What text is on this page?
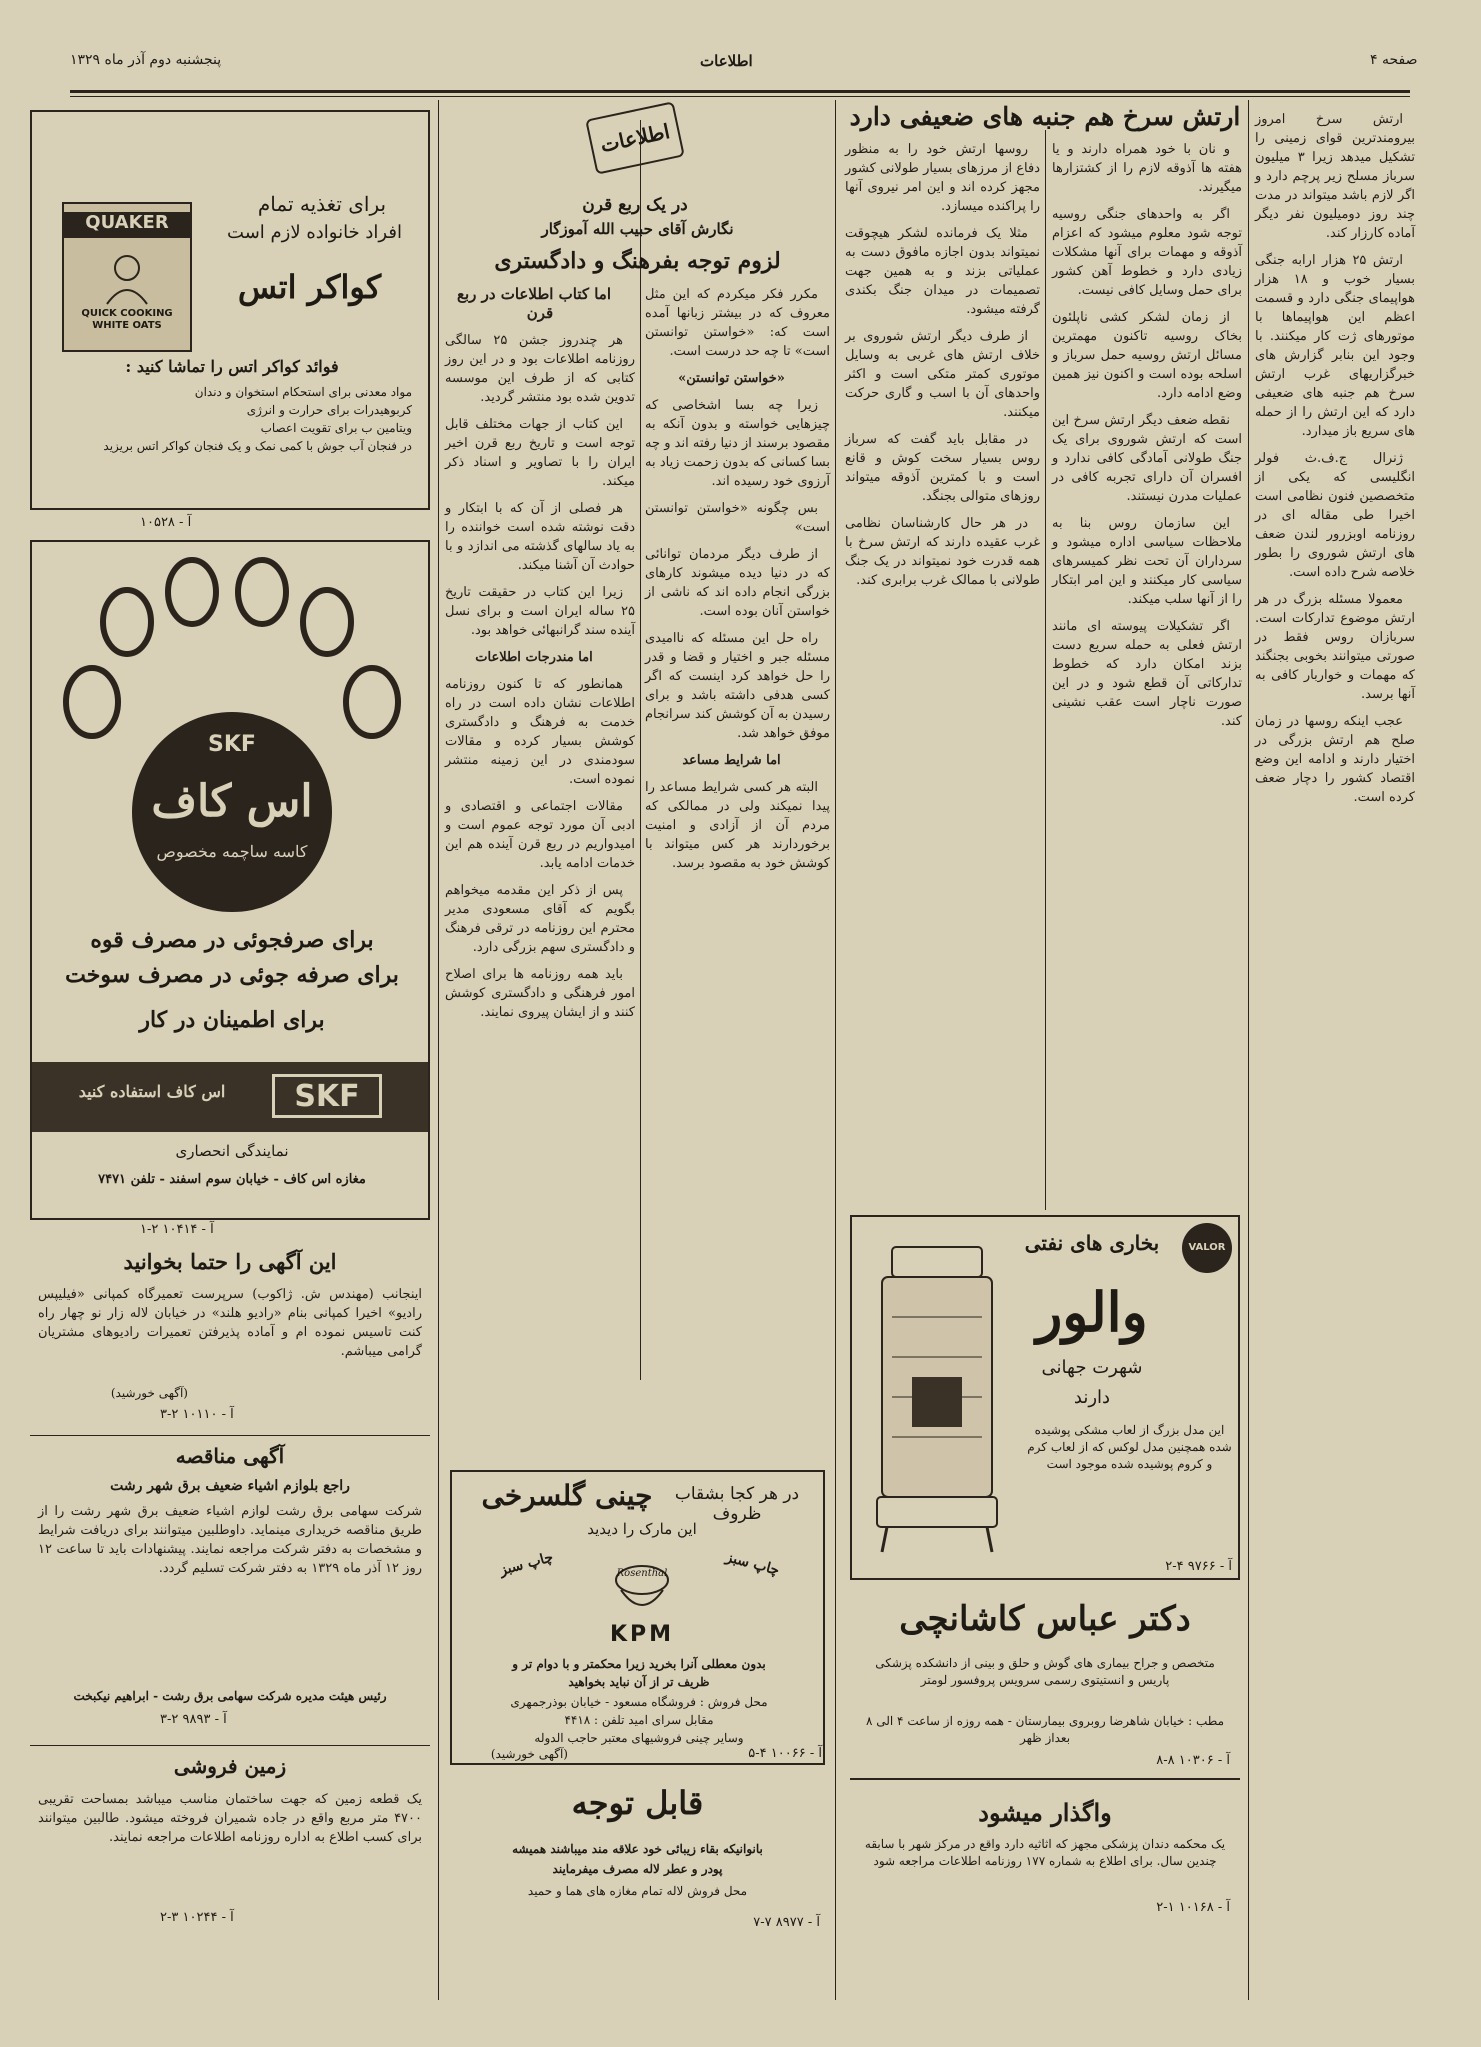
صفحه ۴
اطلاعات
پنجشنبه دوم آذر ماه ۱۳۲۹
ارتش سرخ هم جنبه های ضعیفی دارد	ارتش سرخ امروز بیرومندترین قوای زمینی را تشکیل میدهد زیرا ۳ میلیون سرباز مسلح زیر پرچم دارد و اگر لازم باشد میتواند در مدت چند روز دومیلیون نفر دیگر آماده کارزار کند.

ارتش ۲۵ هزار ارابه جنگی بسیار خوب و ۱۸ هزار هواپیمای جنگی دارد و قسمت اعظم این هواپیماها با موتورهای ژت کار میکنند. با وجود این بنابر گزارش های خبرگزاریهای غرب ارتش سرخ هم جنبه های ضعیفی دارد که این ارتش را از حمله های سریع باز میدارد.

ژنرال ج.ف.ث فولر انگلیسی که یکی از متخصصین فنون نظامی است اخیرا طی مقاله ای در روزنامه اوبزرور لندن ضعف های ارتش شوروی را بطور خلاصه شرح داده است.

معمولا مسئله بزرگ در هر ارتش موضوع تدارکات است. سربازان روس فقط در صورتی میتوانند بخوبی بجنگند که مهمات و خواربار کافی به آنها برسد.

عجب اینکه روسها در زمان صلح هم ارتش بزرگی در اختیار دارند و ادامه این وضع اقتصاد کشور را دچار ضعف کرده است.

و نان با خود همراه دارند و یا هفته ها آذوقه لازم را از کشتزارها میگیرند.

اگر به واحدهای جنگی روسیه توجه شود معلوم میشود که اعزام آذوقه و مهمات برای آنها مشکلات زیادی دارد و خطوط آهن کشور برای حمل وسایل کافی نیست.

از زمان لشکر کشی ناپلئون بخاک روسیه تاکنون مهمترین مسائل ارتش روسیه حمل سرباز و اسلحه بوده است و اکنون نیز همین وضع ادامه دارد.

نقطه ضعف دیگر ارتش سرخ این است که ارتش شوروی برای یک جنگ طولانی آمادگی کافی ندارد و افسران آن دارای تجربه کافی در عملیات مدرن نیستند.

این سازمان روس بنا به ملاحظات سیاسی اداره میشود و سرداران آن تحت نظر کمیسرهای سیاسی کار میکنند و این امر ابتکار را از آنها سلب میکند.

اگر تشکیلات پیوسته ای مانند ارتش فعلی به حمله سریع دست بزند امکان دارد که خطوط تدارکاتی آن قطع شود و در این صورت ناچار است عقب نشینی کند.

روسها ارتش خود را به منظور دفاع از مرزهای بسیار طولانی کشور مجهز کرده اند و این امر نیروی آنها را پراکنده میسازد.

مثلا یک فرمانده لشکر هیچوقت نمیتواند بدون اجازه مافوق دست به عملیاتی بزند و به همین جهت تصمیمات در میدان جنگ بکندی گرفته میشود.

از طرف دیگر ارتش شوروی بر خلاف ارتش های غربی به وسایل موتوری کمتر متکی است و اکثر واحدهای آن با اسب و گاری حرکت میکنند.

در مقابل باید گفت که سرباز روس بسیار سخت کوش و قانع است و با کمترین آذوقه میتواند روزهای متوالی بجنگد.

در هر حال کارشناسان نظامی غرب عقیده دارند که ارتش سرخ با همه قدرت خود نمیتواند در یک جنگ طولانی با ممالک غرب برابری کند.

اطلاعات
در یک ربع قرن
نگارش آقای حبیب الله آموزگار
لزوم توجه بفرهنگ و دادگستری

مکرر فکر میکردم که این مثل معروف که در بیشتر زبانها آمده است که: «خواستن توانستن است» تا چه حد درست است.

«خواستن توانستن»

زیرا چه بسا اشخاصی که چیزهایی خواسته و بدون آنکه به مقصود برسند از دنیا رفته اند و چه بسا کسانی که بدون زحمت زیاد به آرزوی خود رسیده اند.

بس چگونه «خواستن توانستن است»

از طرف دیگر مردمان توانائی که در دنیا دیده میشوند کارهای بزرگی انجام داده اند که ناشی از خواستن آنان بوده است.

راه حل این مسئله که ناامیدی مسئله جبر و اختیار و قضا و قدر را حل خواهد کرد اینست که اگر کسی هدفی داشته باشد و برای رسیدن به آن کوشش کند سرانجام موفق خواهد شد.

اما شرایط مساعد

البته هر کسی شرایط مساعد را پیدا نمیکند ولی در ممالکی که مردم آن از آزادی و امنیت برخوردارند هر کس میتواند با کوشش خود به مقصود برسد.

اما کتاب اطلاعات در ربع قرن

هر چندروز جشن ۲۵ سالگی روزنامه اطلاعات بود و در این روز کتابی که از طرف این موسسه تدوین شده بود منتشر گردید.

این کتاب از جهات مختلف قابل توجه است و تاریخ ربع قرن اخیر ایران را با تصاویر و اسناد ذکر میکند.

هر فصلی از آن که با ابتکار و دقت نوشته شده است خواننده را به یاد سالهای گذشته می اندازد و با حوادث آن آشنا میکند.

زیرا این کتاب در حقیقت تاریخ ۲۵ ساله ایران است و برای نسل آینده سند گرانبهائی خواهد بود.

اما مندرجات اطلاعات

همانطور که تا کنون روزنامه اطلاعات نشان داده است در راه خدمت به فرهنگ و دادگستری کوشش بسیار کرده و مقالات سودمندی در این زمینه منتشر نموده است.

مقالات اجتماعی و اقتصادی و ادبی آن مورد توجه عموم است و امیدواریم در ربع قرن آینده هم این خدمات ادامه یابد.

پس از ذکر این مقدمه میخواهم بگویم که آقای مسعودی مدیر محترم این روزنامه در ترقی فرهنگ و دادگستری سهم بزرگی دارد.

باید همه روزنامه ها برای اصلاح امور فرهنگی و دادگستری کوشش کنند و از ایشان پیروی نمایند.

در هر کجا بشقاب ظروف
چینی گلسرخی
این مارک را دیدید
چاپ سبز	چاپ سبز
Rosenthal
KPM
بدون معطلی آنرا بخرید زیرا محکمتر و با دوام تر و
ظریف تر از آن نباید بخواهید
محل فروش : فروشگاه مسعود - خیابان بوذرجمهری
مقابل سرای امید تلفن : ۴۴۱۸
وسایر چینی فروشیهای معتبر حاجب الدوله
(آگهی خورشید)	آ - ۱۰۰۶۶ ۴-۵
قابل توجه
بانوانیکه بقاء زیبائی خود علاقه مند میباشند همیشه
پودر و عطر لاله مصرف میفرمایند
محل فروش لاله تمام مغازه های هما و حمید
آ - ۸۹۷۷ ۷-۷
VALOR
بخاری های نفتی
والور
شهرت جهانی
دارند
این مدل بزرگ از لعاب مشکی پوشیده شده همچنین مدل لوکس که از لعاب کرم و کروم پوشیده شده موجود است
آ - ۹۷۶۶ ۴-۲
دکتر عباس کاشانچی
متخصص و جراح بیماری های گوش و حلق و بینی از دانشکده پزشکی پاریس و انستیتوی رسمی سرویس پروفسور لومتر
مطب : خیابان شاهرضا روبروی بیمارستان - همه روزه از ساعت ۴ الی ۸ بعداز ظهر
آ - ۱۰۳۰۶ ۸-۸
واگذار میشود
یک محکمه دندان پزشکی مجهز که اثاثیه دارد واقع در مرکز شهر با سابقه چندین سال. برای اطلاع به شماره ۱۷۷ روزنامه اطلاعات مراجعه شود
آ - ۱۰۱۶۸ ۱-۲
برای تغذیه تمام
افراد خانواده لازم است
کواکر اتس
QUAKER
QUICK COOKING WHITE OATS
فوائد کواکر اتس را تماشا کنید :
مواد معدنی برای استحکام استخوان و دندان
کربوهیدرات برای حرارت و انرژی
ویتامین ب برای تقویت اعصاب
در فنجان آب جوش با کمی نمک و یک فنجان کواکر اتس بریزید
آ - ۱۰۵۲۸
SKF
اس کاف
کاسه ساچمه مخصوص
برای صرفجوئی در مصرف قوه
برای صرفه جوئی در مصرف سوخت
برای اطمینان در کار
SKF
اس کاف استفاده کنید
نمایندگی انحصاری
مغازه اس کاف - خیابان سوم اسفند - تلفن ۷۴۷۱
۱-۲ آ - ۱۰۴۱۴
این آگهی را حتما بخوانید
اینجانب (مهندس ش. ژاکوب) سرپرست تعمیرگاه کمپانی «فیلیپس رادیو» اخیرا کمپانی بنام «رادیو هلند» در خیابان لاله زار نو چهار راه کنت تاسیس نموده ام و آماده پذیرفتن تعمیرات رادیوهای مشتریان گرامی میباشم.
(آگهی خورشید)
آ - ۱۰۱۱۰ ۲-۳
آگهی مناقصه
راجع بلوازم اشیاء ضعیف برق شهر رشت
شرکت سهامی برق رشت لوازم اشیاء ضعیف برق شهر رشت را از طریق مناقصه خریداری مینماید. داوطلبین میتوانند برای دریافت شرایط و مشخصات به دفتر شرکت مراجعه نمایند. پیشنهادات باید تا ساعت ۱۲ روز ۱۲ آذر ماه ۱۳۲۹ به دفتر شرکت تسلیم گردد.
رئیس هیئت مدیره شرکت سهامی برق رشت - ابراهیم نیکبخت
آ - ۹۸۹۳ ۲-۳
زمین فروشی
یک قطعه زمین که جهت ساختمان مناسب میباشد بمساحت تقریبی ۴۷۰۰ متر مربع واقع در جاده شمیران فروخته میشود. طالبین میتوانند برای کسب اطلاع به اداره روزنامه اطلاعات مراجعه نمایند.
آ - ۱۰۲۴۴ ۳-۲
